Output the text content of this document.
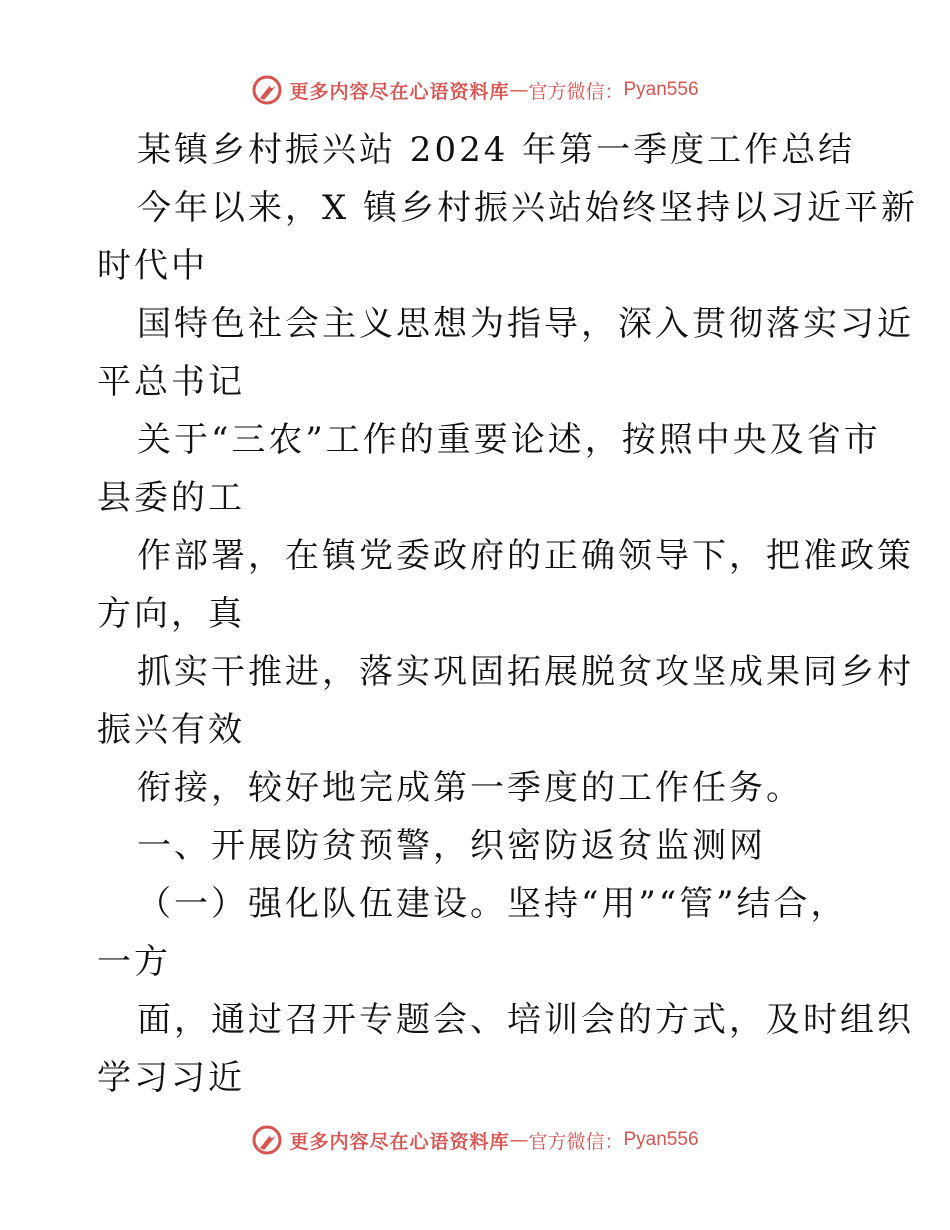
更多内容尽在心语资料库 — 官方微信： Pyan556
某镇乡村振兴站 2024 年第一季度工作总结
今年以来，X 镇乡村振兴站始终坚持以习近平新
时代中
国特色社会主义思想为指导，深入贯彻落实习近
平总书记
关于“三农”工作的重要论述，按照中央及省市
县委的工
作部署，在镇党委政府的正确领导下，把准政策
方向，真
抓实干推进，落实巩固拓展脱贫攻坚成果同乡村
振兴有效
衔接，较好地完成第一季度的工作任务。
一、开展防贫预警，织密防返贫监测网
（一）强化队伍建设。坚持“用”“管”结合，
一方
面，通过召开专题会、培训会的方式，及时组织
学习习近
更多内容尽在心语资料库 — 官方微信： Pyan556
